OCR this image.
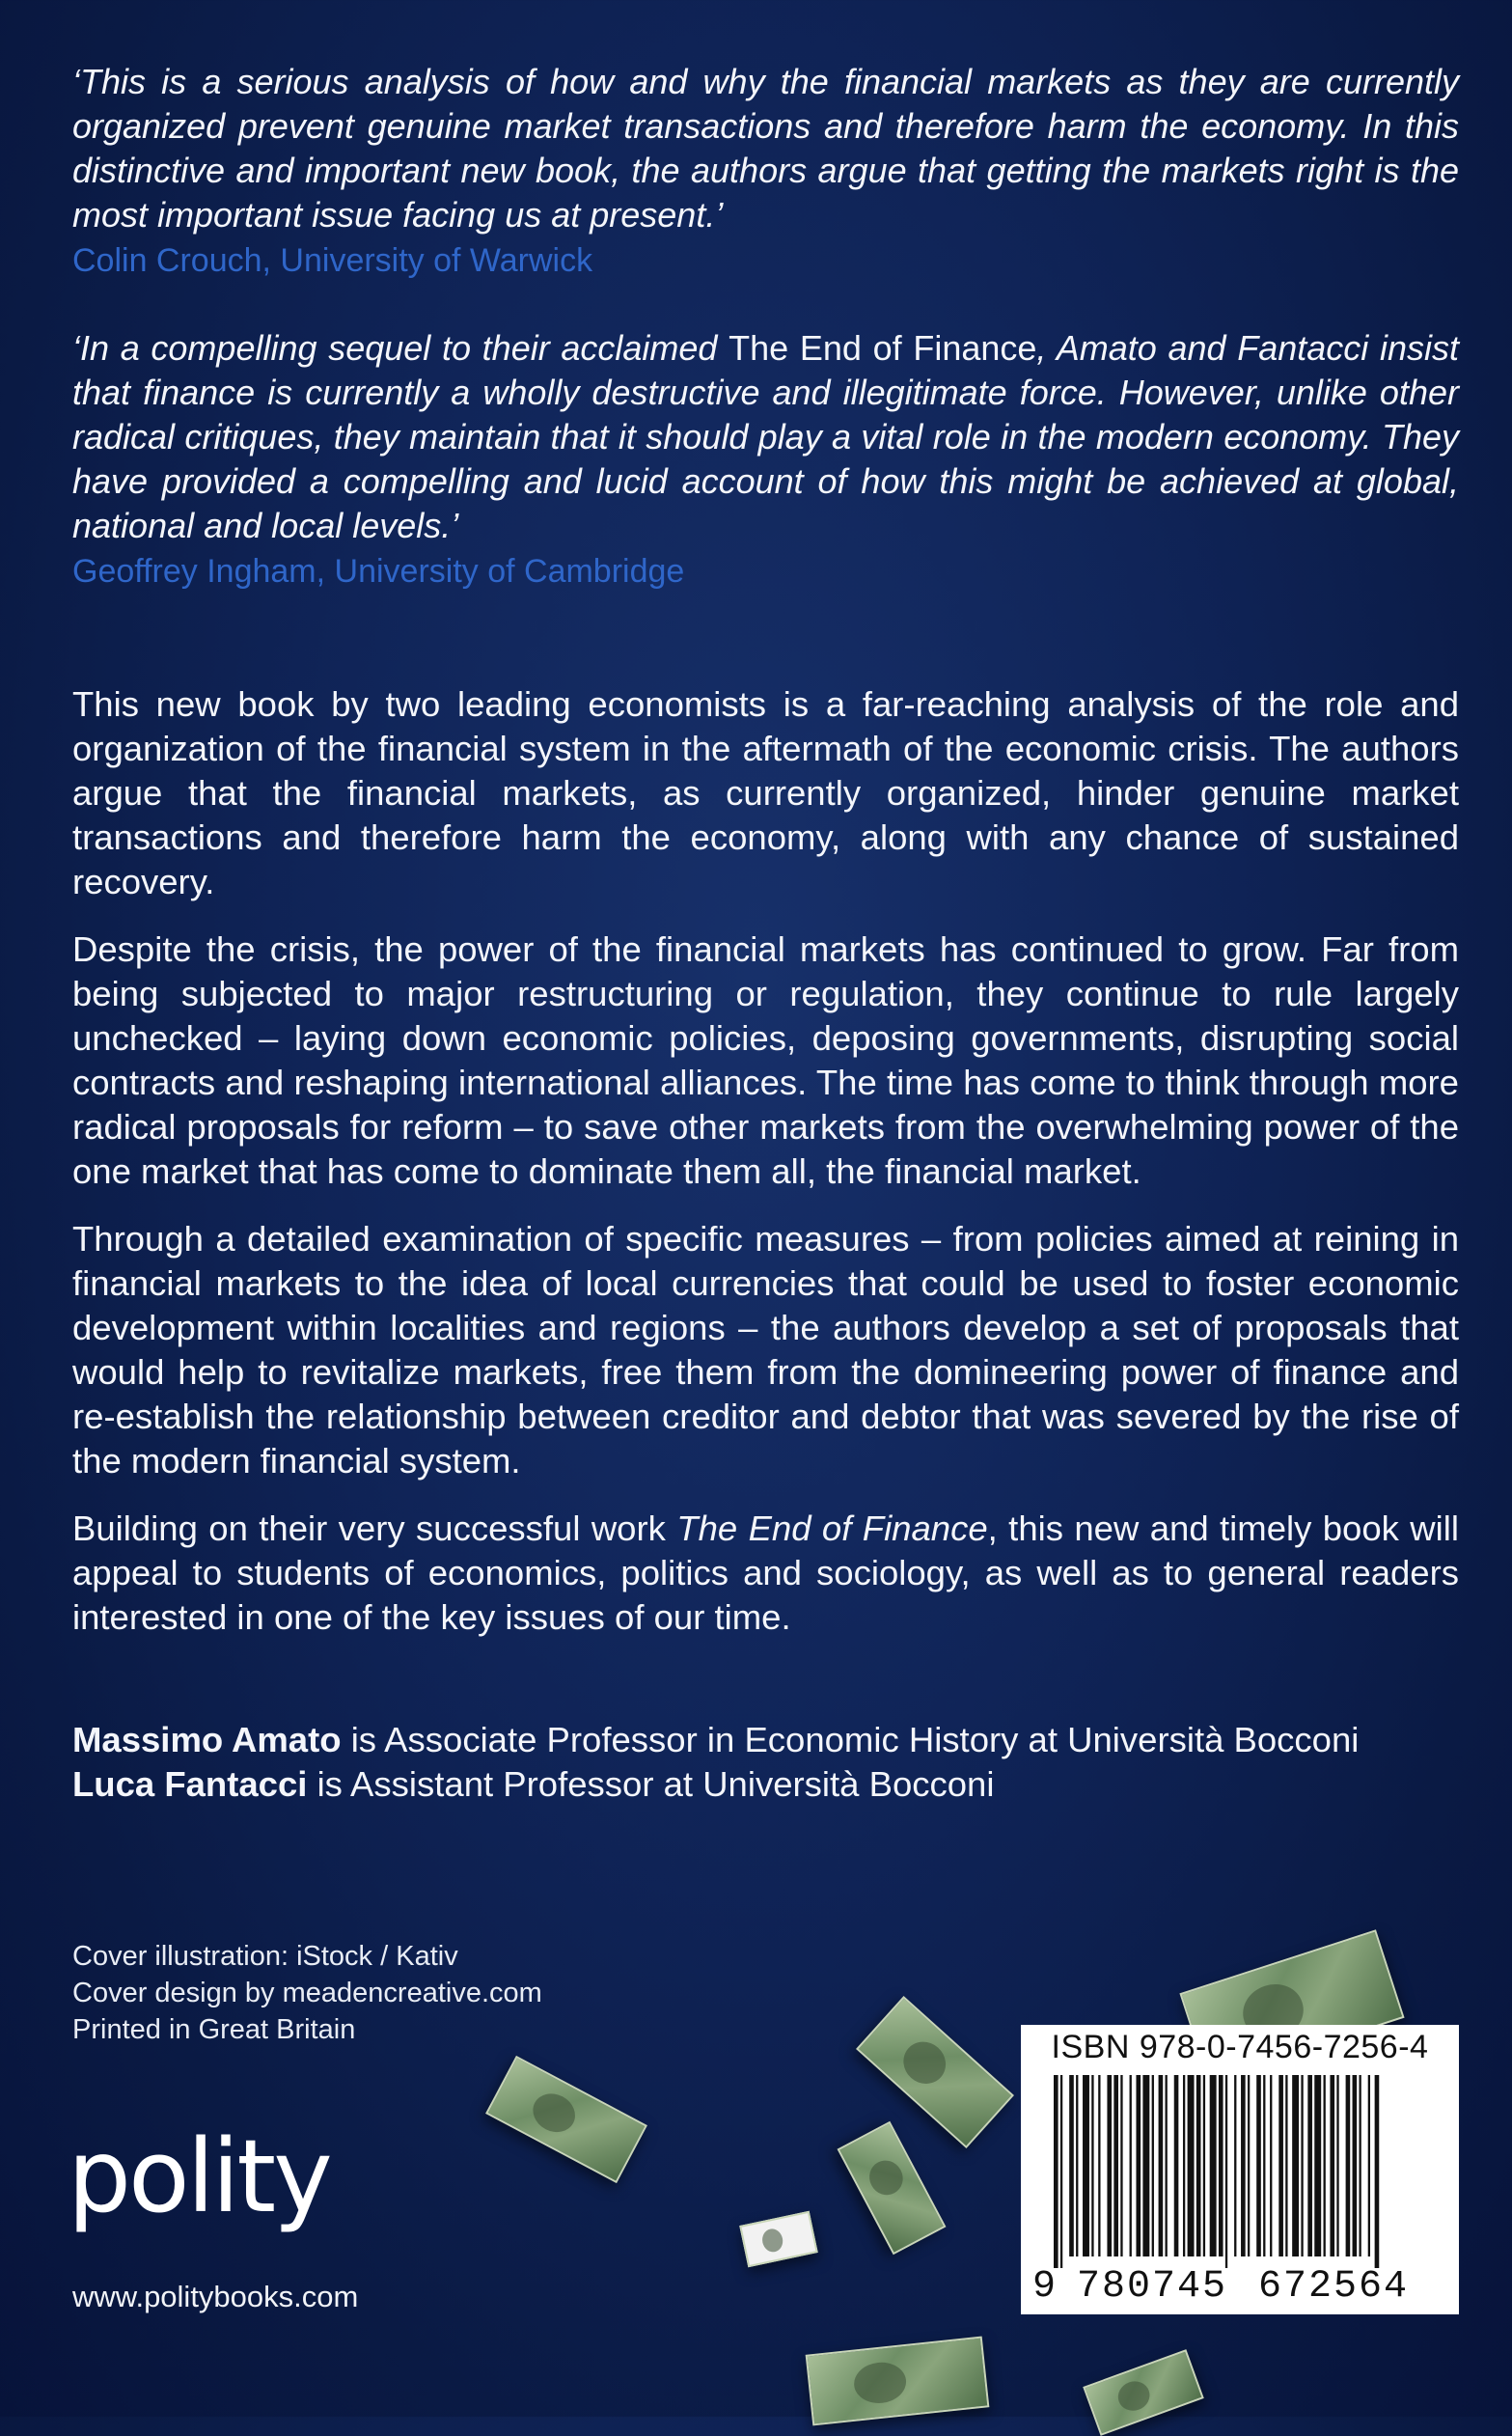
‘This is a serious analysis of how and why the financial markets as they are currently organized prevent genuine market transactions and therefore harm the economy. In this distinctive and important new book, the authors argue that getting the markets right is the most important issue facing us at present.’

Colin Crouch, University of Warwick

‘In a compelling sequel to their acclaimed The End of Finance, Amato and Fantacci insist that finance is currently a wholly destructive and illegitimate force. However, unlike other radical critiques, they maintain that it should play a vital role in the modern economy. They have provided a compelling and lucid account of how this might be achieved at global, national and local levels.’

Geoffrey Ingham, University of Cambridge

This new book by two leading economists is a far-reaching analysis of the role and organization of the financial system in the aftermath of the economic crisis. The authors argue that the financial markets, as currently organized, hinder genuine market transactions and therefore harm the economy, along with any chance of sustained recovery.

Despite the crisis, the power of the financial markets has continued to grow. Far from being subjected to major restructuring or regulation, they continue to rule largely unchecked – laying down economic policies, deposing governments, disrupting social contracts and reshaping international alliances. The time has come to think through more radical proposals for reform – to save other markets from the overwhelming power of the one market that has come to dominate them all, the financial market.

Through a detailed examination of specific measures – from policies aimed at reining in financial markets to the idea of local currencies that could be used to foster economic development within localities and regions – the authors develop a set of proposals that would help to revitalize markets, free them from the domineering power of finance and re-establish the relationship between creditor and debtor that was severed by the rise of the modern financial system.

Building on their very successful work The End of Finance, this new and timely book will appeal to students of economics, politics and sociology, as well as to general readers interested in one of the key issues of our time.

Massimo Amato is Associate Professor in Economic History at Università Bocconi

Luca Fantacci is Assistant Professor at Università Bocconi

Cover illustration: iStock / Kativ
Cover design by meadencreative.com
Printed in Great Britain
polity
www.politybooks.com
ISBN 978-0-7456-7256-4
9 780745 672564
